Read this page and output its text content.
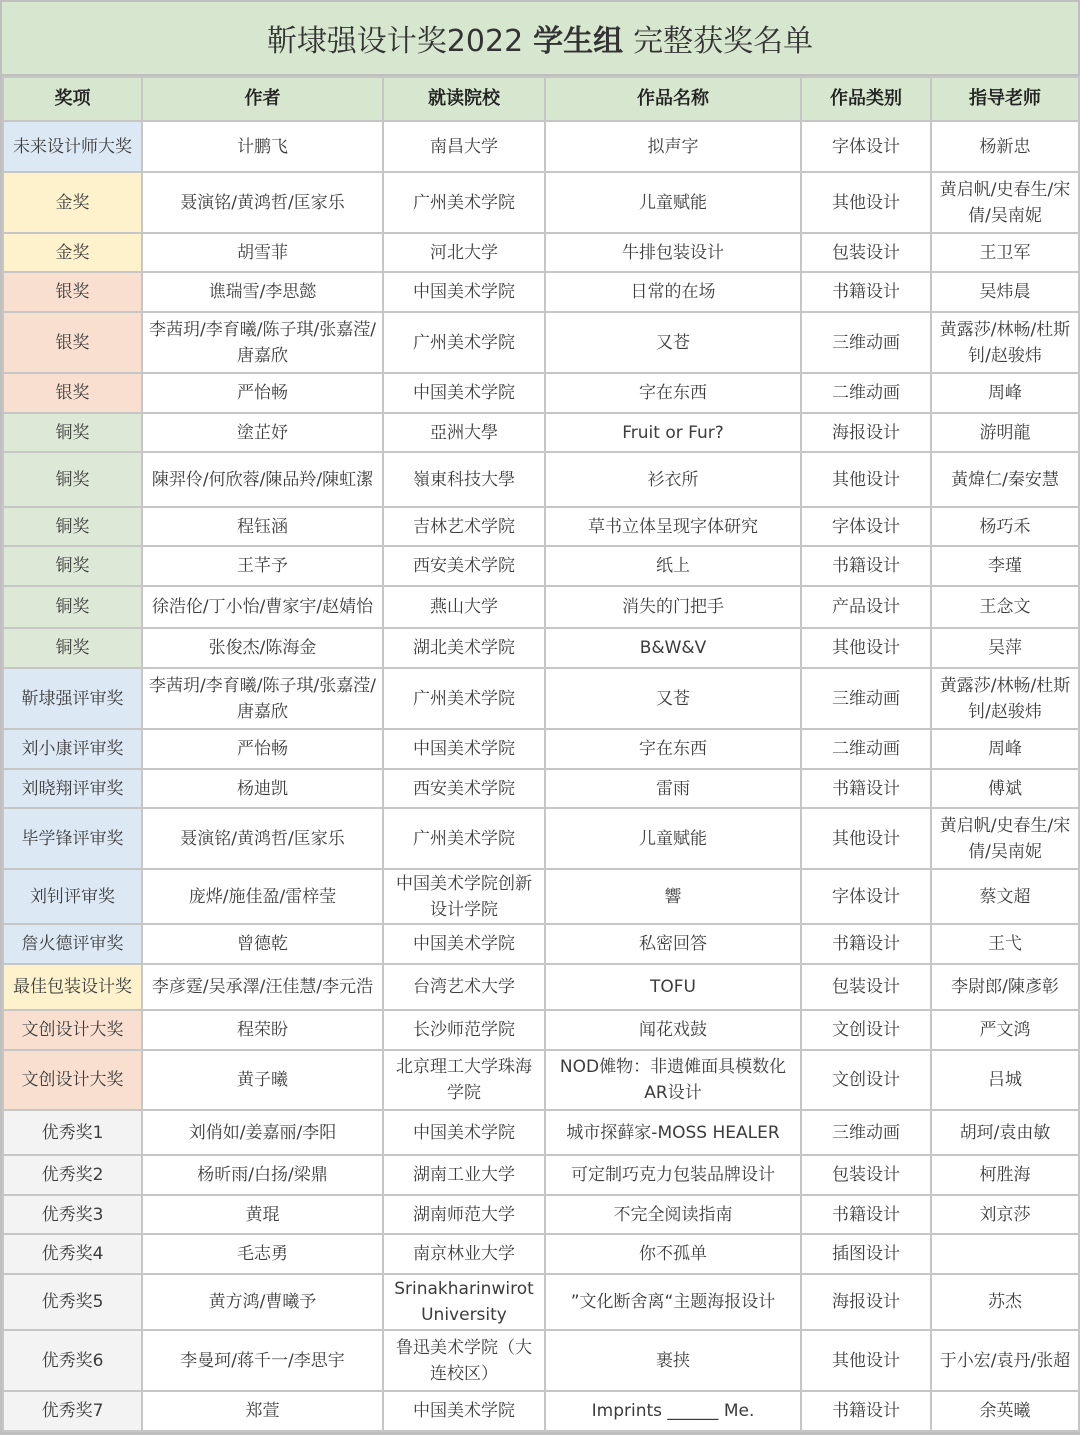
靳埭强设计奖2022 学生组 完整获奖名单
奖项	作者	就读院校	作品名称	作品类别	指导老师
未来设计师大奖	计鹏飞	南昌大学	拟声字	字体设计	杨新忠
金奖	聂演铭/黄鸿哲/匡家乐	广州美术学院	儿童赋能	其他设计	黄启帆/史春生/宋倩/吴南妮
金奖	胡雪菲	河北大学	牛排包装设计	包装设计	王卫军
银奖	谯瑞雪/李思懿	中国美术学院	日常的在场	书籍设计	吴炜晨
银奖	李茜玥/李育曦/陈子琪/张嘉滢/唐嘉欣	广州美术学院	又苍	三维动画	黄露莎/林畅/杜斯钊/赵骏炜
银奖	严怡畅	中国美术学院	字在东西	二维动画	周峰
铜奖	塗芷妤	亞洲大學	Fruit or Fur?	海报设计	游明龍
铜奖	陳羿伶/何欣蓉/陳品羚/陳虹潔	嶺東科技大學	衫衣所	其他设计	黃煒仁/秦安慧
铜奖	程钰涵	吉林艺术学院	草书立体呈现字体研究	字体设计	杨巧禾
铜奖	王芊予	西安美术学院	纸上	书籍设计	李瑾
铜奖	徐浩伦/丁小怡/曹家宇/赵婧怡	燕山大学	消失的门把手	产品设计	王念文
铜奖	张俊杰/陈海金	湖北美术学院	B&W&V	其他设计	吴萍
靳埭强评审奖	李茜玥/李育曦/陈子琪/张嘉滢/唐嘉欣	广州美术学院	又苍	三维动画	黄露莎/林畅/杜斯钊/赵骏炜
刘小康评审奖	严怡畅	中国美术学院	字在东西	二维动画	周峰
刘晓翔评审奖	杨迪凯	西安美术学院	雷雨	书籍设计	傅斌
毕学锋评审奖	聂演铭/黄鸿哲/匡家乐	广州美术学院	儿童赋能	其他设计	黄启帆/史春生/宋倩/吴南妮
刘钊评审奖	庞烨/施佳盈/雷梓莹	中国美术学院创新设计学院	響	字体设计	蔡文超
詹火德评审奖	曾德乾	中国美术学院	私密回答	书籍设计	王弋
最佳包装设计奖	李彦霆/吴承澤/汪佳慧/李元浩	台湾艺术大学	TOFU	包装设计	李尉郎/陳彥彰
文创设计大奖	程荣盼	长沙师范学院	闻花戏鼓	文创设计	严文鸿
文创设计大奖	黄子曦	北京理工大学珠海学院	NOD傩物：非遗傩面具模数化AR设计	文创设计	吕城
优秀奖1	刘俏如/姜嘉丽/李阳	中国美术学院	城市探藓家-MOSS HEALER	三维动画	胡珂/袁由敏
优秀奖2	杨昕雨/白扬/梁鼎	湖南工业大学	可定制巧克力包装品牌设计	包装设计	柯胜海
优秀奖3	黄琨	湖南师范大学	不完全阅读指南	书籍设计	刘京莎
优秀奖4	毛志勇	南京林业大学	你不孤单	插图设计	
优秀奖5	黄方鸿/曹曦予	Srinakharinwirot University	”文化断舍离“主题海报设计	海报设计	苏杰
优秀奖6	李曼珂/蒋千一/李思宇	鲁迅美术学院（大连校区）	裹挟	其他设计	于小宏/袁丹/张超
优秀奖7	郑萱	中国美术学院	Imprints ______ Me.	书籍设计	余英曦
